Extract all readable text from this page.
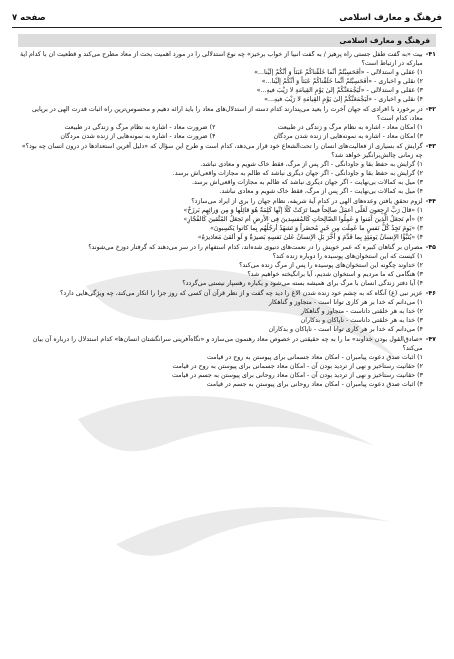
فرهنگ و معارف اسلامی
صفحه ۷
فرهنگ و معارف اسلامی
۴۱-
بیت «به گفت طفل جستی راه پرهیز / به گفت انبیا از خواب برخیز» چه نوع استدلالی را در مورد اهمیت بحث از معاد مطرح می‌کند و قطعیت آن با کدام آیهٔ مبارکه در ارتباط است؟
۱) عقلی و استدلالی - «أفَحَسِبْتُمْ أنَّما خَلَقْناكُمْ عَبَثاً وَ أنَّكُمْ إلَیْنا...»
۲) نقلی و اخباری - «أفَحَسِبْتُمْ أنَّما خَلَقْناكُمْ عَبَثاً وَ أنَّكُمْ إلَیْنا...»
۳) عقلی و استدلالی - «لَیَجْمَعَنَّكُمْ إلىٰ یَوْمِ القِیامَةِ لا رَیْبَ فیهِ...»
۴) نقلی و اخباری - «لَیَجْمَعَنَّكُمْ إلىٰ یَوْمِ القِیامَةِ لا رَیْبَ فیهِ...»
۴۲-
در برخورد با افرادی که جهان آخرت را بعید می‌پندارند کدام دسته از استدلال‌های معاد را باید ارائه دهیم و محسوس‌ترین راه اثبات قدرت الهی در برپایی معاد، کدام است؟
۱) امکان معاد - اشاره به نظام مرگ و زندگی در طبیعت
۲) ضرورت معاد - اشاره به نظام مرگ و زندگی در طبیعت
۳) امکان معاد - اشاره به نمونه‌هایی از زنده شدن مردگان
۴) ضرورت معاد - اشاره به نمونه‌هایی از زنده شدن مردگان
۴۳-
گرایش که بسیاری از فعالیت‌های انسان را تحت‌الشعاع خود قرار می‌دهد، کدام است و طرح این سؤال که «دلیل آفرین استعدادها در درون انسان چه بود؟» چه زمانی چالش‌برانگیز خواهد شد؟
۱) گرایش به حفظ بقا و جاودانگی - اگر پس از مرگ، فقط خاک شویم و معادی نباشد.
۲) گرایش به حفظ بقا و جاودانگی - اگر جهان دیگری نباشد که ظالم به مجازات واقعی‌اش برسد.
۳) میل به کمالات بی‌نهایت - اگر جهان دیگری نباشد که ظالم به مجازات واقعی‌اش برسد.
۴) میل به کمالات بی‌نهایت - اگر پس از مرگ، فقط خاک شویم و معادی نباشد.
۴۴-
لزوم تحقق یافتن وعده‌های الهی در کدام آیهٔ شریفه، نظام جهان را بری از ایراد می‌سازد؟
۱) «قالَ رَبِّ ارجِعونِ لَعَلّی أعمَلُ صالِحاً فیما تَرَکتُ کَلّا إنَّها کَلِمَةٌ هُوَ قائِلُها وَ مِن وَرائِهِم بَرزَخٌ»
۲) «أم نَجعَلُ الَّذینَ آمَنوا وَ عَمِلُوا الصّالِحاتِ کَالمُفسِدینَ فِی الأرضِ أم نَجعَلُ المُتَّقینَ کَالفُجّارِ»
۳) «یَومَ تَجِدُ کُلُّ نَفسٍ ما عَمِلَت مِن خَیرٍ مُحضَراً وَ تَشهَدُ أرجُلُهُم بِما کانوا یَکسِبونَ»
۴) «یُنَبَّؤُا الإنسانُ یَومَئِذٍ بِما قَدَّمَ وَ أخَّرَ بَلِ الإنسانُ عَلىٰ نَفسِهِ بَصیرَةٌ وَ لَو ألقىٰ مَعاذیرَهُ»
۴۵-
مصران بر گناهان کبیره که عمر خویش را در نعمت‌های دنیوی شده‌اند، کدام استفهام را در سر می‌دهند که گرفتار دوزخ می‌شوند؟
۱) کیست که این استخوان‌های پوسیده را دوباره زنده کند؟
۲) خداوند چگونه این استخوان‌های پوسیده را پس از مرگ زنده می‌کند؟
۳) هنگامی که ما مردیم و استخوان شدیم، آیا برانگیخته خواهیم شد؟
۴) آیا دفتر زندگی انسان با مرگ برای همیشه بسته می‌شود و یکباره رهسپار نیستی می‌گردد؟
۴۶-
عزیر نبی (ع) آنگاه که به چشم خود زنده شدن الاغ را دید چه گفت و از نظر قرآن آن کسی که روز جزا را انکار می‌کند، چه ویژگی‌هایی دارد؟
۱) می‌دانم که خدا بر هر کاری توانا است - متجاوز و گناهکار
۲) خدا به هر خلقتی داناست - متجاوز و گناهکار
۳) خدا به هر خلقتی داناست - ناپاکان و بدکاران
۴) می‌دانم که خدا بر هر کاری توانا است - ناپاکان و بدکاران
۴۷-
«صادق‌القول بودن خداوند» ما را به چه حقیقتی در خصوص معاد رهنمون می‌سازد و «نگاه‌آفرینی سرانگشتان انسان‌ها» کدام استدلال را درباره آن بیان می‌کند؟
۱) اثبات صدق دعوت پیامبران - امکان معاد جسمانی برای پیوستن به روح در قیامت
۲) حقانیت رستاخیز و نهی از تردید بودن آن - امکان معاد جسمانی برای پیوستن به روح در قیامت
۳) حقانیت رستاخیز و نهی از تردید بودن آن - امکان معاد روحانی برای پیوستن به جسم در قیامت
۴) اثبات صدق دعوت پیامبران - امکان معاد روحانی برای پیوستن به جسم در قیامت
